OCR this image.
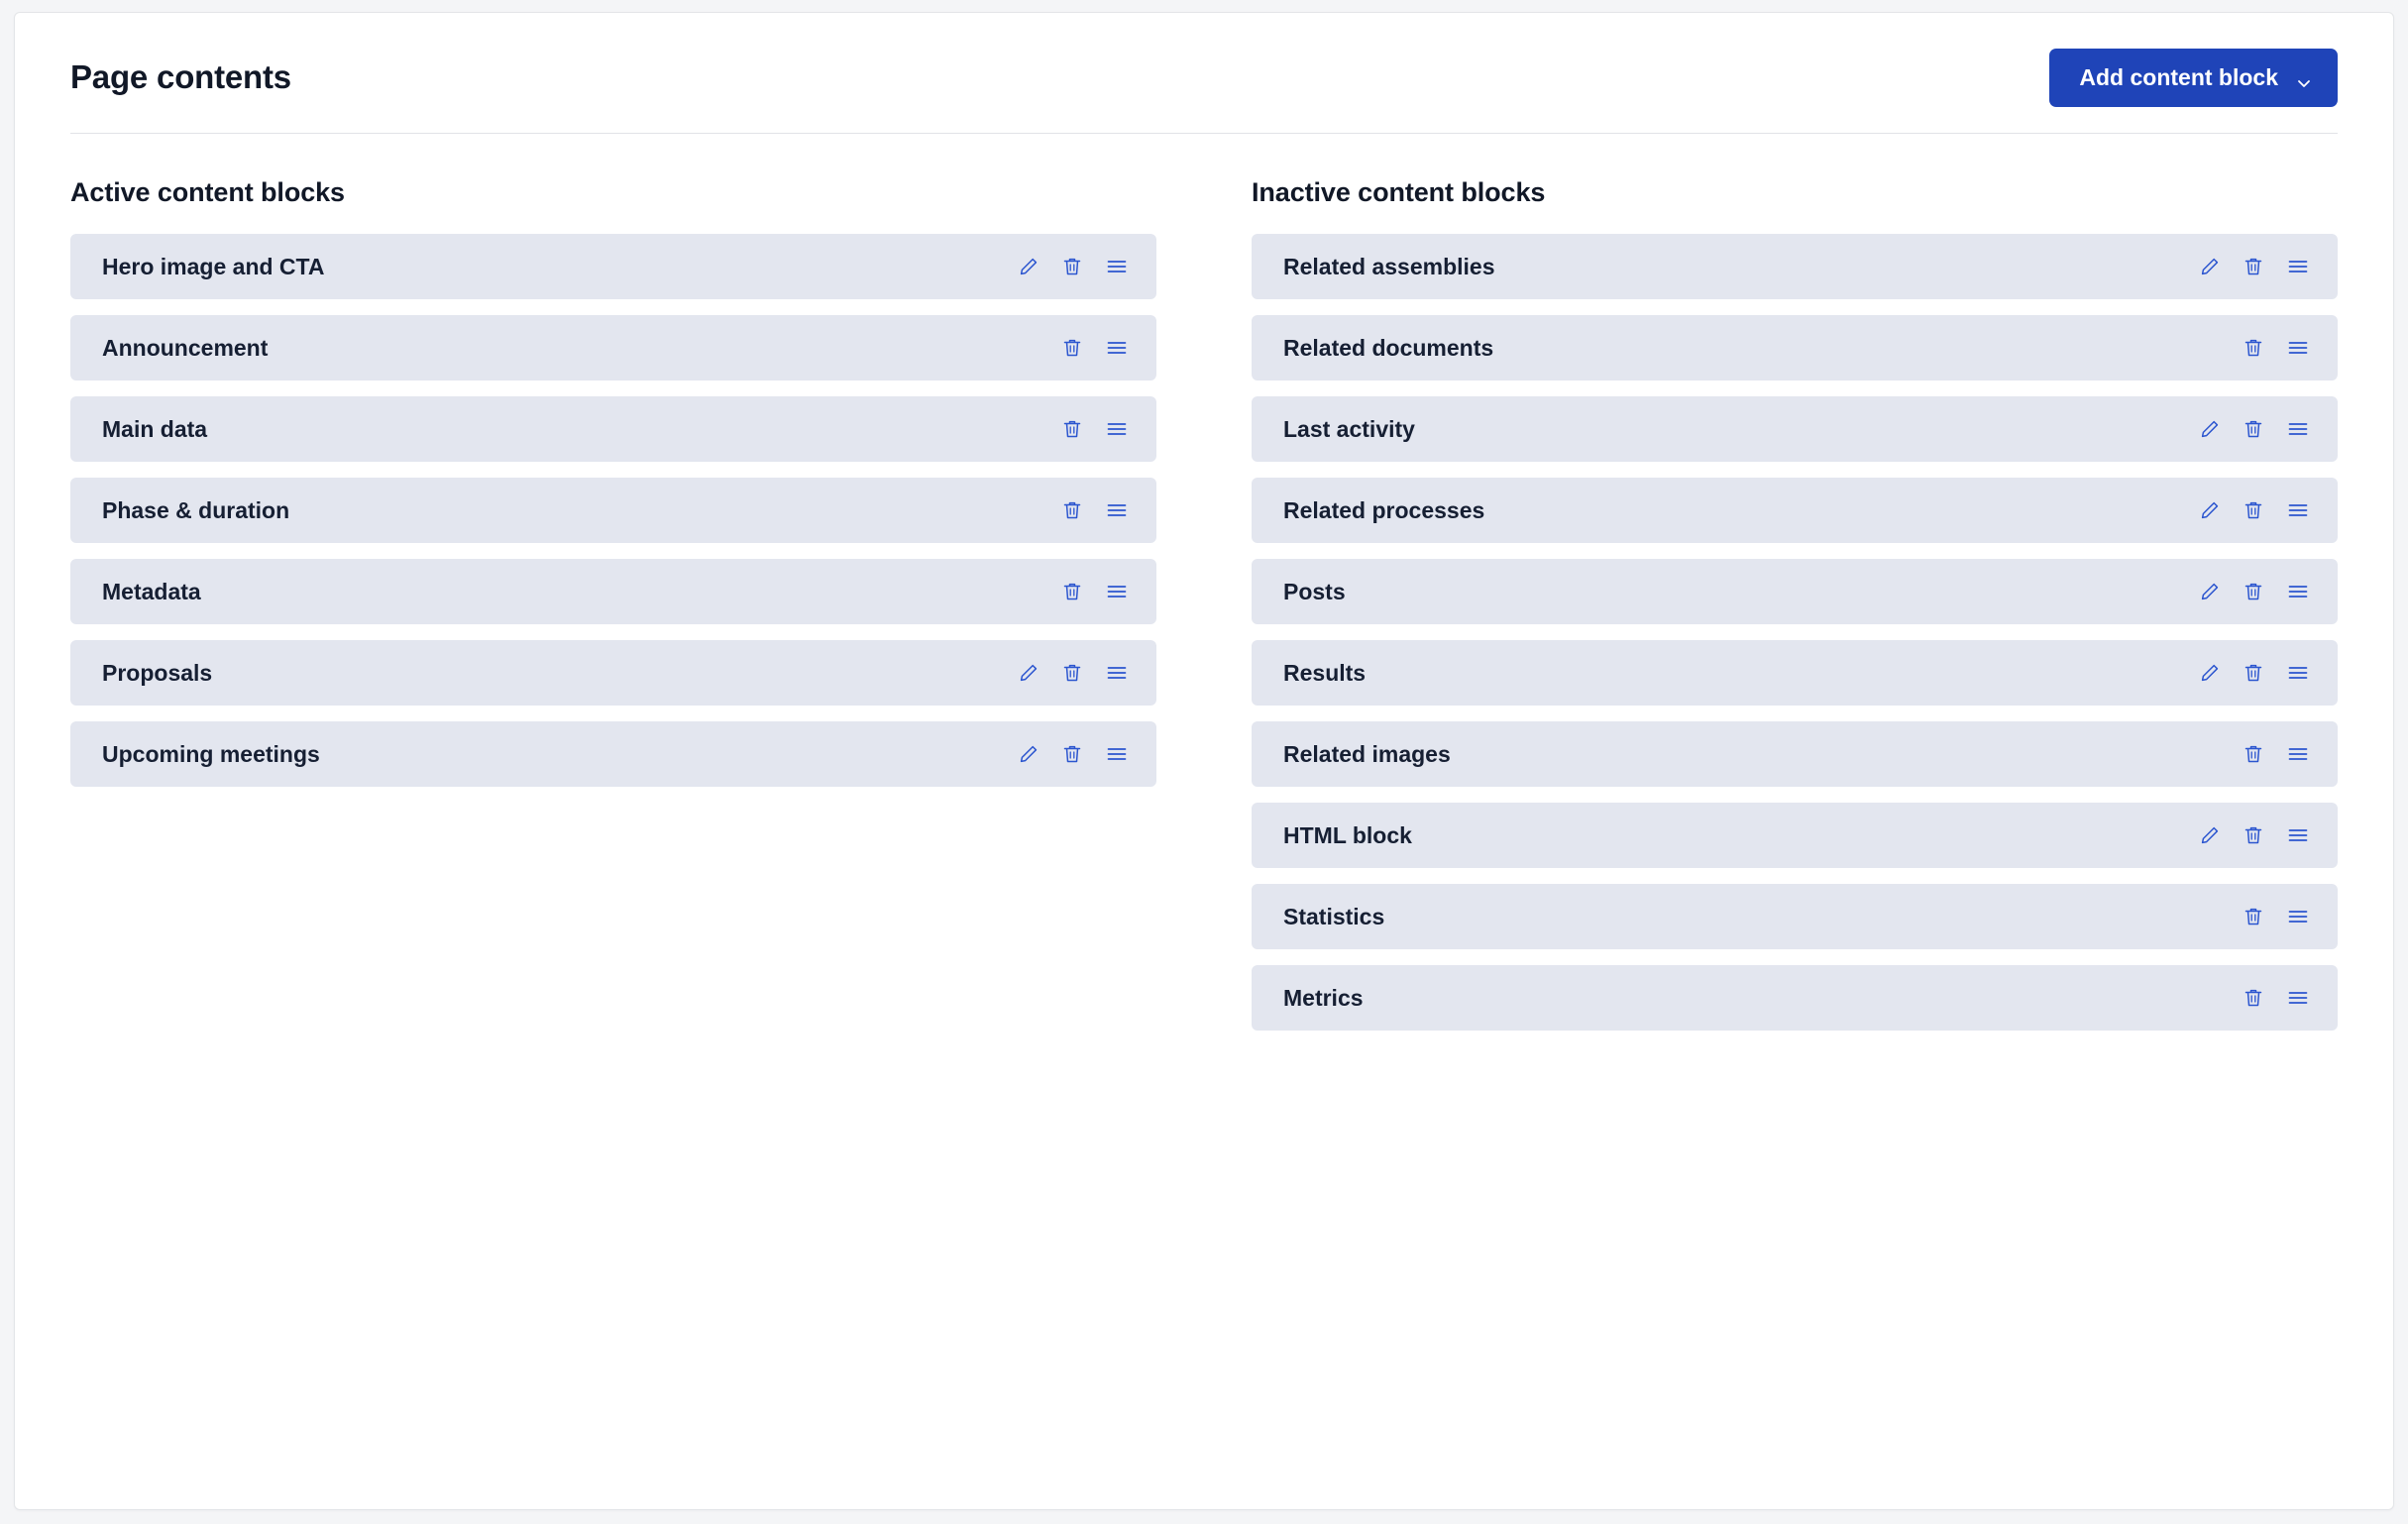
Page contents	Add content block
Active content blocks
Hero image and CTA
Announcement
Main data
Phase & duration
Metadata
Proposals
Upcoming meetings
Inactive content blocks
Related assemblies
Related documents
Last activity
Related processes
Posts
Results
Related images
HTML block
Statistics
Metrics
